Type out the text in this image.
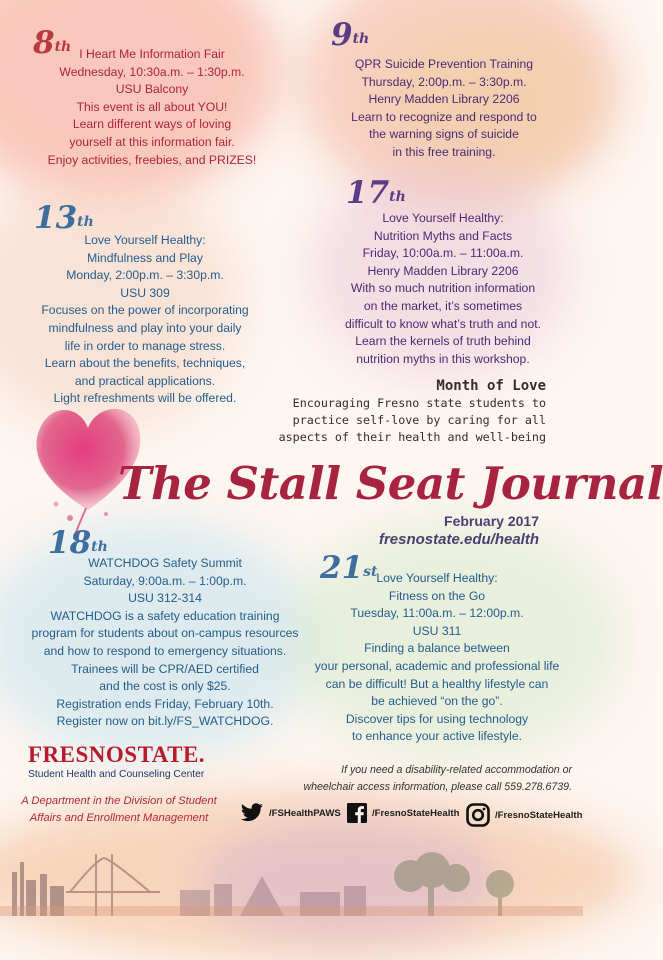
8th I Heart Me Information Fair
Wednesday, 10:30a.m. – 1:30p.m.
USU Balcony
This event is all about YOU!
Learn different ways of loving
yourself at this information fair.
Enjoy activities, freebies, and PRIZES!
9th
QPR Suicide Prevention Training
Thursday, 2:00p.m. – 3:30p.m.
Henry Madden Library 2206
Learn to recognize and respond to
the warning signs of suicide
in this free training.
13th
Love Yourself Healthy:
Mindfulness and Play
Monday, 2:00p.m. – 3:30p.m.
USU 309
Focuses on the power of incorporating
mindfulness and play into your daily
life in order to manage stress.
Learn about the benefits, techniques,
and practical applications.
Light refreshments will be offered.
17th
Love Yourself Healthy:
Nutrition Myths and Facts
Friday, 10:00a.m. – 11:00a.m.
Henry Madden Library 2206
With so much nutrition information
on the market, it’s sometimes
difficult to know what’s truth and not.
Learn the kernels of truth behind
nutrition myths in this workshop.
Month of Love
Encouraging Fresno state students to
practice self-love by caring for all
aspects of their health and well-being
The Stall Seat Journal
February 2017
fresnostate.edu/health
18th
WATCHDOG Safety Summit
Saturday, 9:00a.m. – 1:00p.m.
USU 312-314
WATCHDOG is a safety education training
program for students about on-campus resources
and how to respond to emergency situations.
Trainees will be CPR/AED certified
and the cost is only $25.
Registration ends Friday, February 10th.
Register now on bit.ly/FS_WATCHDOG.
21st
Love Yourself Healthy:
Fitness on the Go
Tuesday, 11:00a.m. – 12:00p.m.
USU 311
Finding a balance between
your personal, academic and professional life
can be difficult! But a healthy lifestyle can
be achieved “on the go”.
Discover tips for using technology
to enhance your active lifestyle.
FRESNOSTATE.
Student Health and Counseling Center
A Department in the Division of Student
Affairs and Enrollment Management
If you need a disability-related accommodation or
wheelchair access information, please call 559.278.6739.
/FSHealthPAWS	/FresnoStateHealth	/FresnoStateHealth
